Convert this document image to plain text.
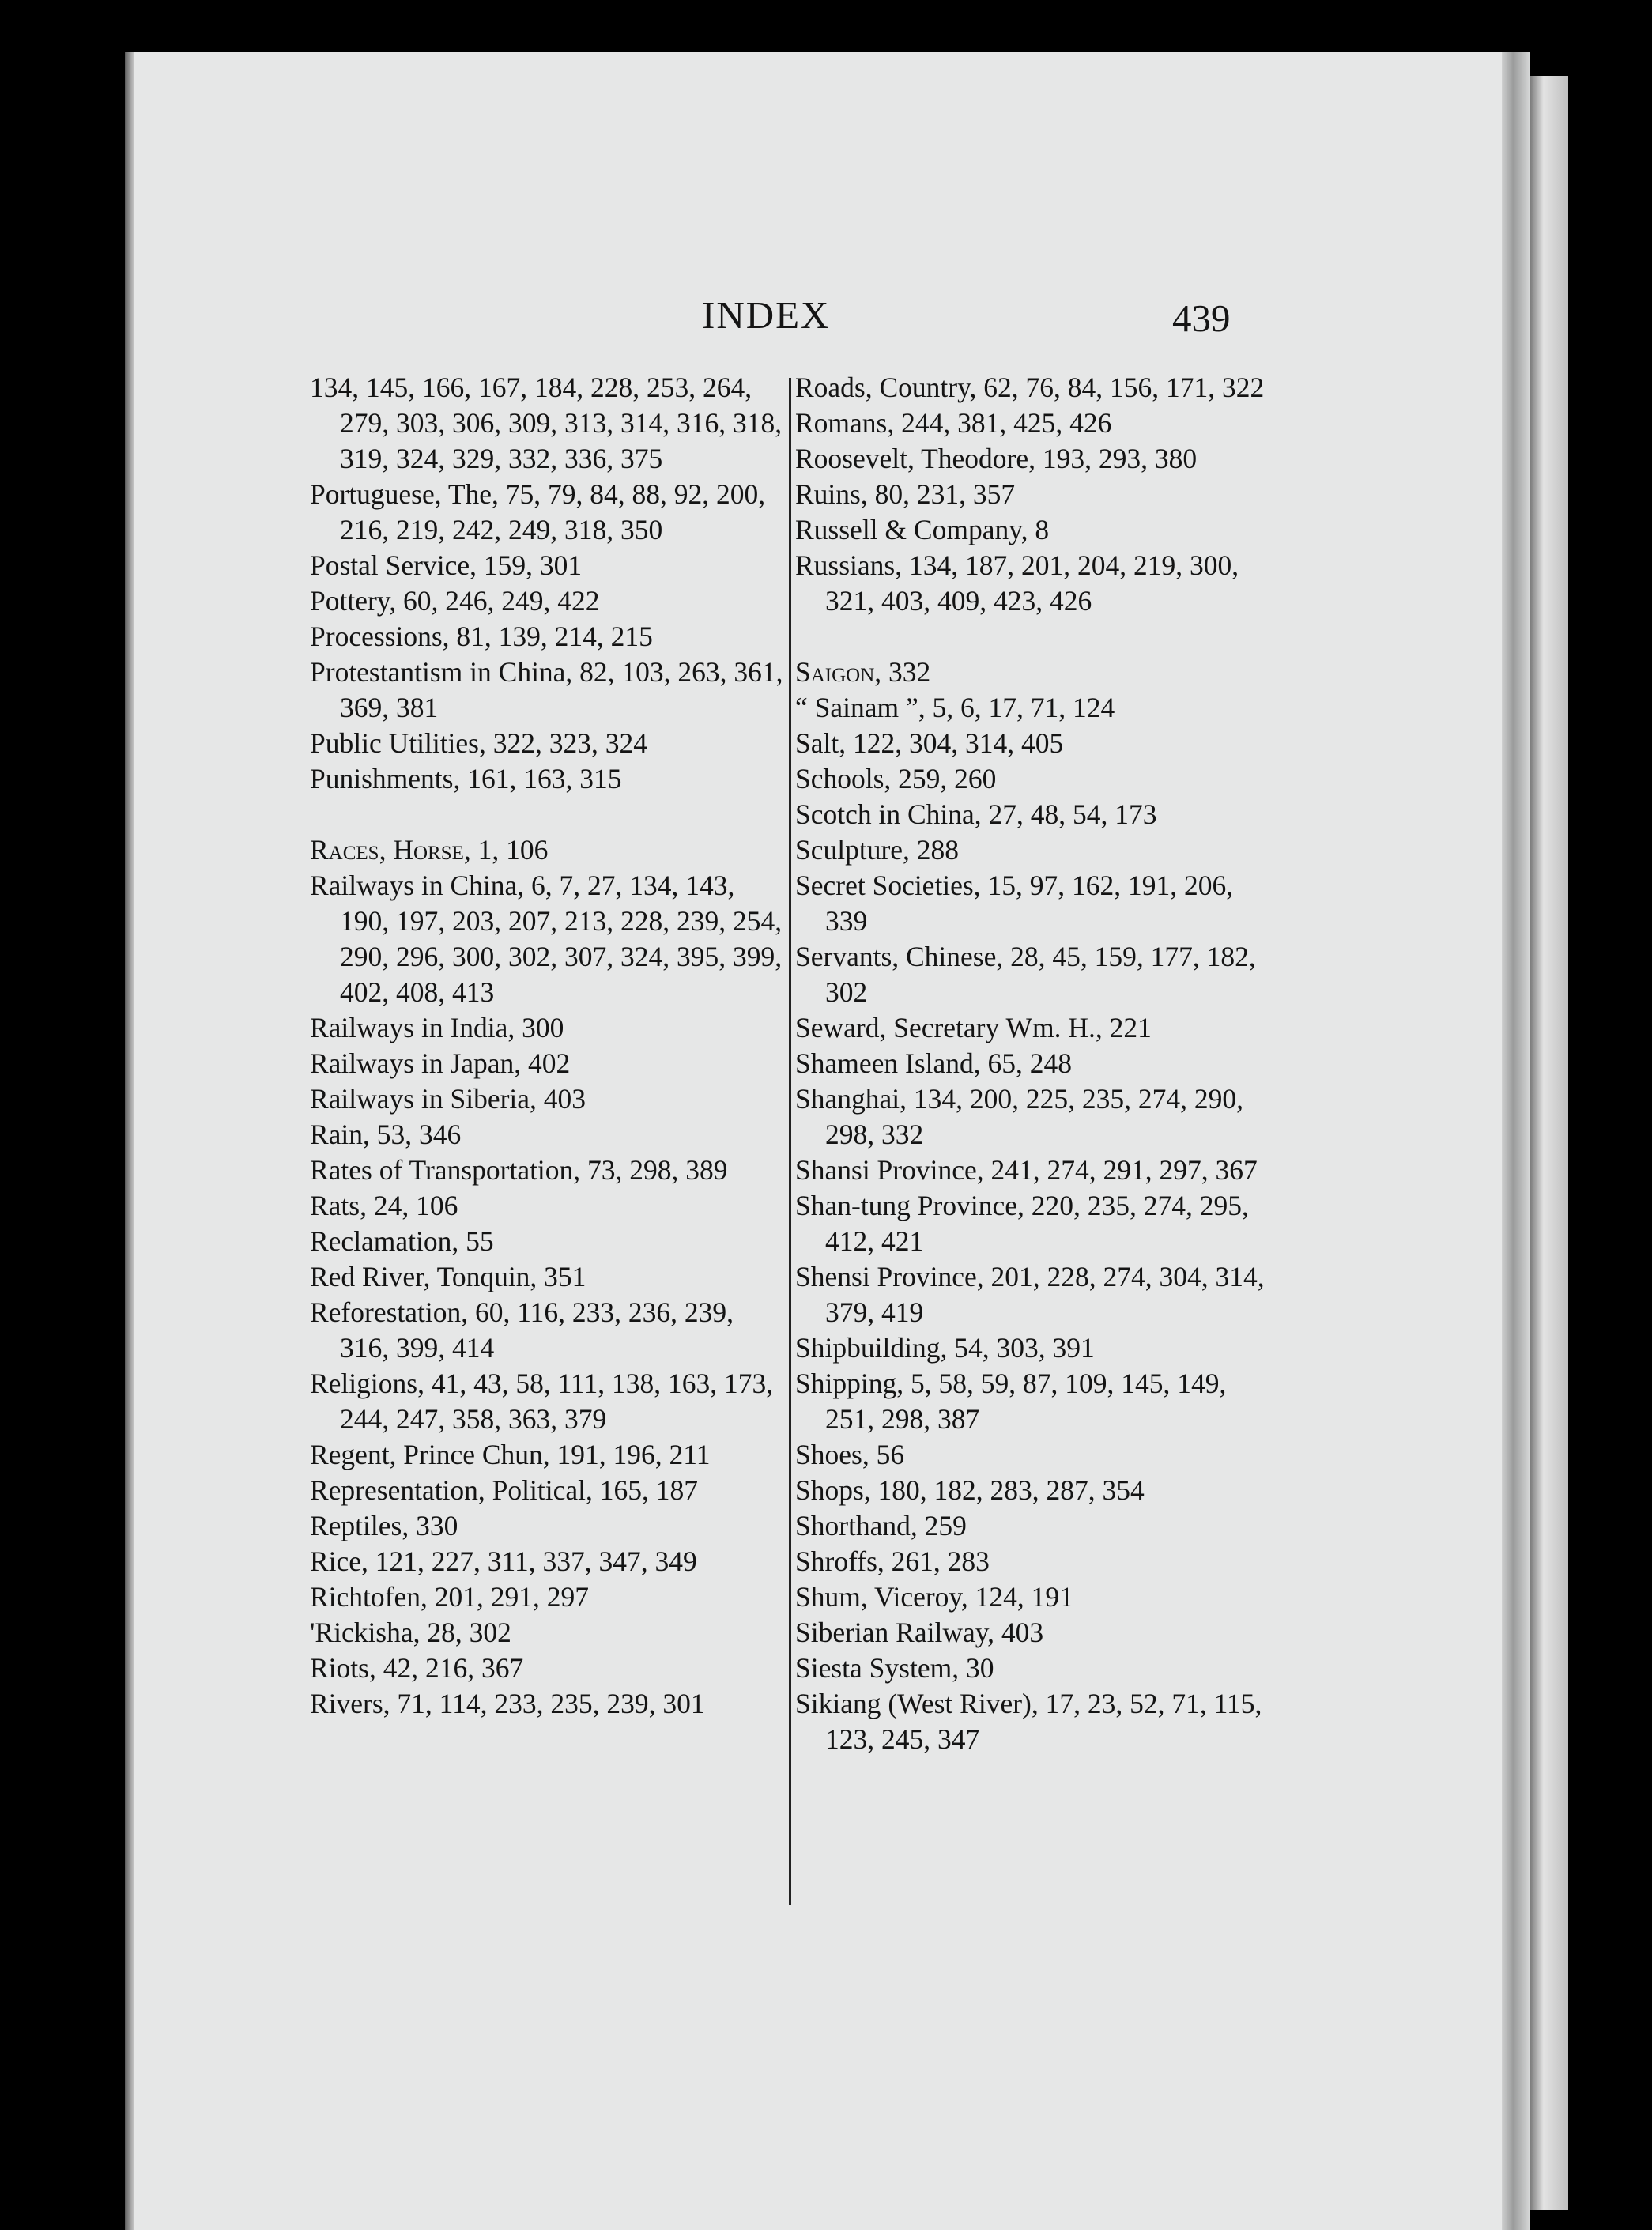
INDEX	439

134, 145, 166, 167, 184, 228, 253, 264, 279, 303, 306, 309, 313, 314, 316, 318, 319, 324, 329, 332, 336, 375

Portuguese, The, 75, 79, 84, 88, 92, 200, 216, 219, 242, 249, 318, 350

Postal Service, 159, 301

Pottery, 60, 246, 249, 422

Processions, 81, 139, 214, 215

Protestantism in China, 82, 103, 263, 361, 369, 381

Public Utilities, 322, 323, 324

Punishments, 161, 163, 315

Races, Horse, 1, 106

Railways in China, 6, 7, 27, 134, 143, 190, 197, 203, 207, 213, 228, 239, 254, 290, 296, 300, 302, 307, 324, 395, 399, 402, 408, 413

Railways in India, 300

Railways in Japan, 402

Railways in Siberia, 403

Rain, 53, 346

Rates of Transportation, 73, 298, 389

Rats, 24, 106

Reclamation, 55

Red River, Tonquin, 351

Reforestation, 60, 116, 233, 236, 239, 316, 399, 414

Religions, 41, 43, 58, 111, 138, 163, 173, 244, 247, 358, 363, 379

Regent, Prince Chun, 191, 196, 211

Representation, Political, 165, 187

Reptiles, 330

Rice, 121, 227, 311, 337, 347, 349

Richtofen, 201, 291, 297

'Rickisha, 28, 302

Riots, 42, 216, 367

Rivers, 71, 114, 233, 235, 239, 301

Roads, Country, 62, 76, 84, 156, 171, 322

Romans, 244, 381, 425, 426

Roosevelt, Theodore, 193, 293, 380

Ruins, 80, 231, 357

Russell & Company, 8

Russians, 134, 187, 201, 204, 219, 300, 321, 403, 409, 423, 426

Saigon, 332

“ Sainam ”, 5, 6, 17, 71, 124

Salt, 122, 304, 314, 405

Schools, 259, 260

Scotch in China, 27, 48, 54, 173

Sculpture, 288

Secret Societies, 15, 97, 162, 191, 206, 339

Servants, Chinese, 28, 45, 159, 177, 182, 302

Seward, Secretary Wm. H., 221

Shameen Island, 65, 248

Shanghai, 134, 200, 225, 235, 274, 290, 298, 332

Shansi Province, 241, 274, 291, 297, 367

Shan-tung Province, 220, 235, 274, 295, 412, 421

Shensi Province, 201, 228, 274, 304, 314, 379, 419

Shipbuilding, 54, 303, 391

Shipping, 5, 58, 59, 87, 109, 145, 149, 251, 298, 387

Shoes, 56

Shops, 180, 182, 283, 287, 354

Shorthand, 259

Shroffs, 261, 283

Shum, Viceroy, 124, 191

Siberian Railway, 403

Siesta System, 30

Sikiang (West River), 17, 23, 52, 71, 115, 123, 245, 347
